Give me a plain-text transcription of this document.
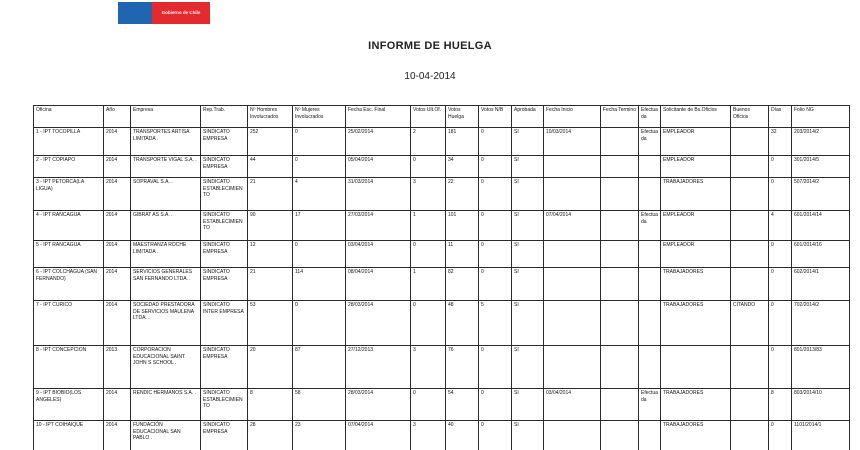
Gobierno de Chile
INFORME DE HUELGA
10-04-2014
Oficina	Año	Empresa	Rep.Trab.	Nº Hombres Involucrados	Nº Mujeres Involucrados	Fecha Esc. Final	Votos Ult.Of.	Votos Huelga	Votos N/B	Aprobada	Fecha Inicio	Fecha Termino	Efectuada	Solicitante de Bs.Oficios	Buenos Oficios	Días	Folio NG
1 - IPT TOCOPILLA	2014	TRANSPORTES ARTISA LIMITADA .	SINDICATO EMPRESA	252	0	25/02/2014	2	181	0	SI	10/03/2014		Efectuada	EMPLEADOR		32	203/2014/2
2 - IPT COPIAPO	2014	TRANSPORTE VIGAL S.A. .	SINDICATO EMPRESA	44	0	05/04/2014	0	34	0	SI				EMPLEADOR		0	301/2014/5
3 - IPT PETORCA(LA LIGUA)	2014	SOPRAVAL S.A. .	SINDICATO ESTABLECIMIENTO	21	4	31/03/2014	3	22	0	SI				TRABAJADORES		0	507/2014/2
4 - IPT RANCAGUA	2014	GIBRAT AS S.A. .	SINDICATO ESTABLECIMIENTO	90	17	27/03/2014	1	101	0	SI	07/04/2014		Efectuada	EMPLEADOR		4	601/2014/14
5 - IPT RANCAGUA	2014	MAESTRANZA ROCHE LIMITADA .	SINDICATO EMPRESA	12	0	03/04/2014	0	11	0	SI				EMPLEADOR		0	601/2014/16
6 - IPT COLCHAGUA (SAN FERNANDO)	2014	SERVICIOS GENERALES SAN FERNANDO LTDA. .	SINDICATO EMPRESA	21	114	08/04/2014	1	82	0	SI				TRABAJADORES		0	602/2014/1
7 - IPT CURICO	2014	SOCIEDAD PRESTADORA DE SERVICIOS MAULENA LTDA. .	SINDICATO INTER EMPRESA	53	0	28/03/2014	0	48	5	SI				TRABAJADORES	CITANDO	0	702/2014/2
8 - IPT CONCEPCION	2013	CORPORACION EDUCACIONAL SAINT JOHN S SCHOOL .	SINDICATO EMPRESA	20	87	27/12/2013	3	76	0	SI						0	801/2013/83
9 - IPT BIOBIO(LOS ANGELES)	2014	RENDIC HERMANOS S.A. .	SINDICATO ESTABLECIMIENTO	8	58	28/03/2014	0	54	0	SI	03/04/2014		Efectuada	TRABAJADORES		8	803/2014/10
10 - IPT COIHAIQUE	2014	FUNDACIÓN EDUCACIONAL SAN PABLO .	SINDICATO EMPRESA	28	23	07/04/2014	3	40	0	SI				TRABAJADORES		0	1101/2014/1
